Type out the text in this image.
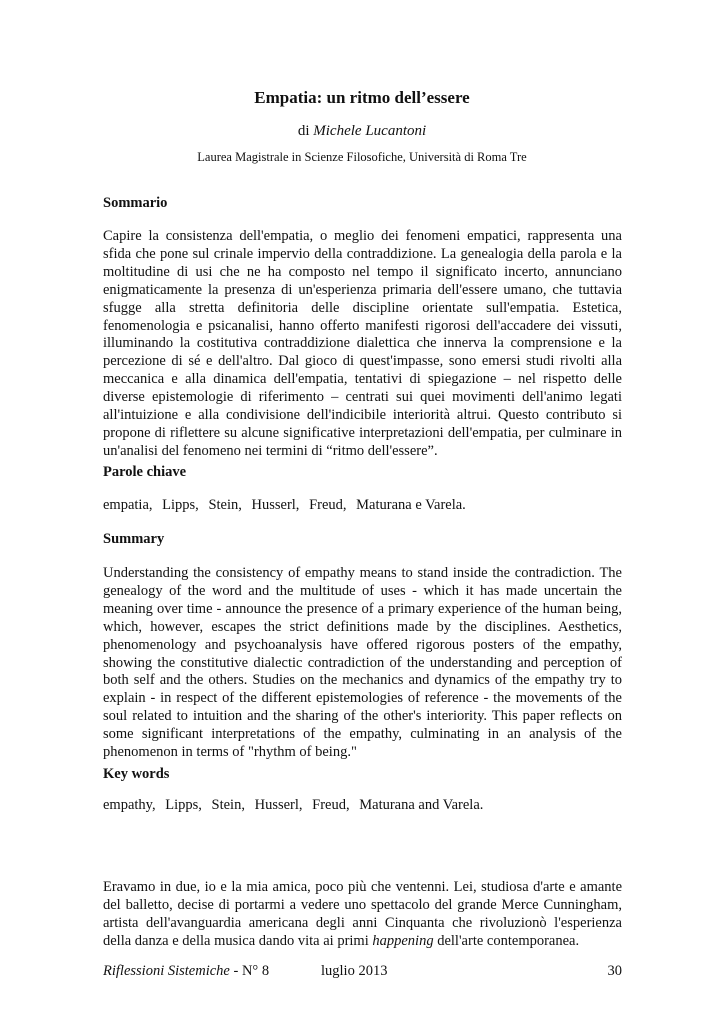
Empatia: un ritmo dell’essere
di Michele Lucantoni
Laurea Magistrale in Scienze Filosofiche, Università di Roma Tre
Sommario

Capire la consistenza dell'empatia, o meglio dei fenomeni empatici, rappresenta una sfida che pone sul crinale impervio della contraddizione. La genealogia della parola e la moltitudine di usi che ne ha composto nel tempo il significato incerto, annunciano enigmaticamente la presenza di un'esperienza primaria dell'essere umano, che tuttavia sfugge alla stretta definitoria delle discipline orientate sull'empatia. Estetica, fenomenologia e psicanalisi, hanno offerto manifesti rigorosi dell'accadere dei vissuti, illuminando la costitutiva contraddizione dialettica che innerva la comprensione e la percezione di sé e dell'altro. Dal gioco di quest'impasse, sono emersi studi rivolti alla meccanica e alla dinamica dell'empatia, tentativi di spiegazione – nel rispetto delle diverse epistemologie di riferimento – centrati sui quei movimenti dell'animo legati all'intuizione e alla condivisione dell'indicibile interiorità altrui. Questo contributo si propone di riflettere su alcune significative interpretazioni dell'empatia, per culminare in un'analisi del fenomeno nei termini di “ritmo dell'essere”.

Parole chiave
empatia, Lipps, Stein, Husserl, Freud, Maturana e Varela.
Summary

Understanding the consistency of empathy means to stand inside the contradiction. The genealogy of the word and the multitude of uses - which it has made uncertain the meaning over time - announce the presence of a primary experience of the human being, which, however, escapes the strict definitions made by the disciplines. Aesthetics, phenomenology and psychoanalysis have offered rigorous posters of the empathy, showing the constitutive dialectic contradiction of the understanding and perception of both self and the others. Studies on the mechanics and dynamics of the empathy try to explain - in respect of the different epistemologies of reference - the movements of the soul related to intuition and the sharing of the other's interiority. This paper reflects on some significant interpretations of the empathy, culminating in an analysis of the phenomenon in terms of "rhythm of being."

Key words
empathy, Lipps, Stein, Husserl, Freud, Maturana and Varela.

Eravamo in due, io e la mia amica, poco più che ventenni. Lei, studiosa d'arte e amante del balletto, decise di portarmi a vedere uno spettacolo del grande Merce Cunningham, artista dell'avanguardia americana degli anni Cinquanta che rivoluzionò l'esperienza della danza e della musica dando vita ai primi happening dell'arte contemporanea.

Riflessioni Sistemiche - N° 8	luglio 2013	30
